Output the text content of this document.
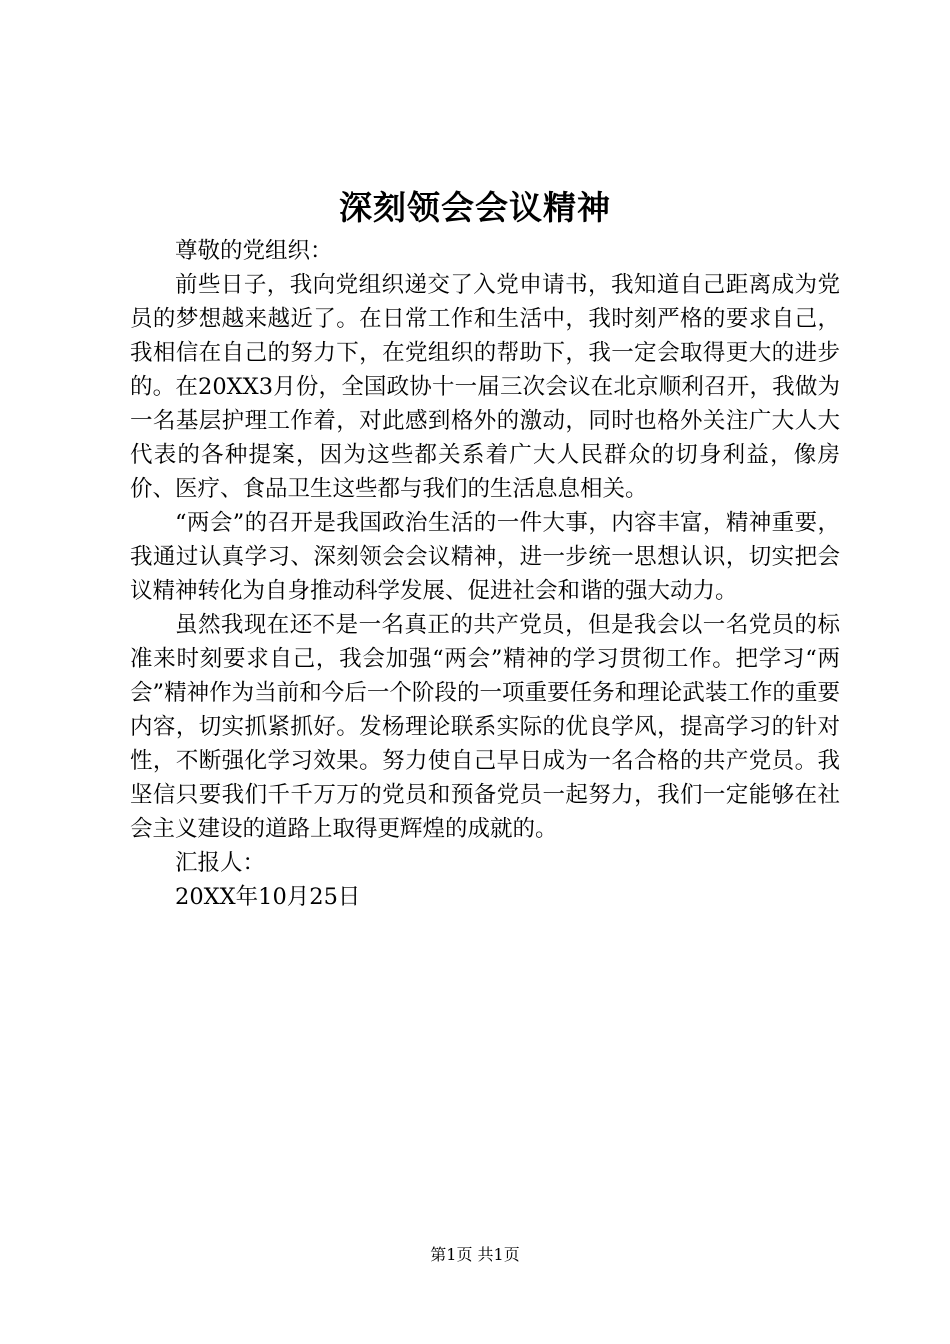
深刻领会会议精神
尊敬的党组织：

前些日子，我向党组织递交了入党申请书，我知道自己距离成为党员的梦想越来越近了。在日常工作和生活中，我时刻严格的要求自己，我相信在自己的努力下，在党组织的帮助下，我一定会取得更大的进步的。在20XX3月份，全国政协十一届三次会议在北京顺利召开，我做为一名基层护理工作着，对此感到格外的激动，同时也格外关注广大人大代表的各种提案，因为这些都关系着广大人民群众的切身利益，像房价、医疗、食品卫生这些都与我们的生活息息相关。

“两会”的召开是我国政治生活的一件大事，内容丰富，精神重要，我通过认真学习、深刻领会会议精神，进一步统一思想认识，切实把会议精神转化为自身推动科学发展、促进社会和谐的强大动力。

虽然我现在还不是一名真正的共产党员，但是我会以一名党员的标准来时刻要求自己，我会加强“两会”精神的学习贯彻工作。把学习“两会”精神作为当前和今后一个阶段的一项重要任务和理论武装工作的重要内容，切实抓紧抓好。发杨理论联系实际的优良学风，提高学习的针对性，不断强化学习效果。努力使自己早日成为一名合格的共产党员。我坚信只要我们千千万万的党员和预备党员一起努力，我们一定能够在社会主义建设的道路上取得更辉煌的成就的。

汇报人：
20XX年10月25日
第1页 共1页
